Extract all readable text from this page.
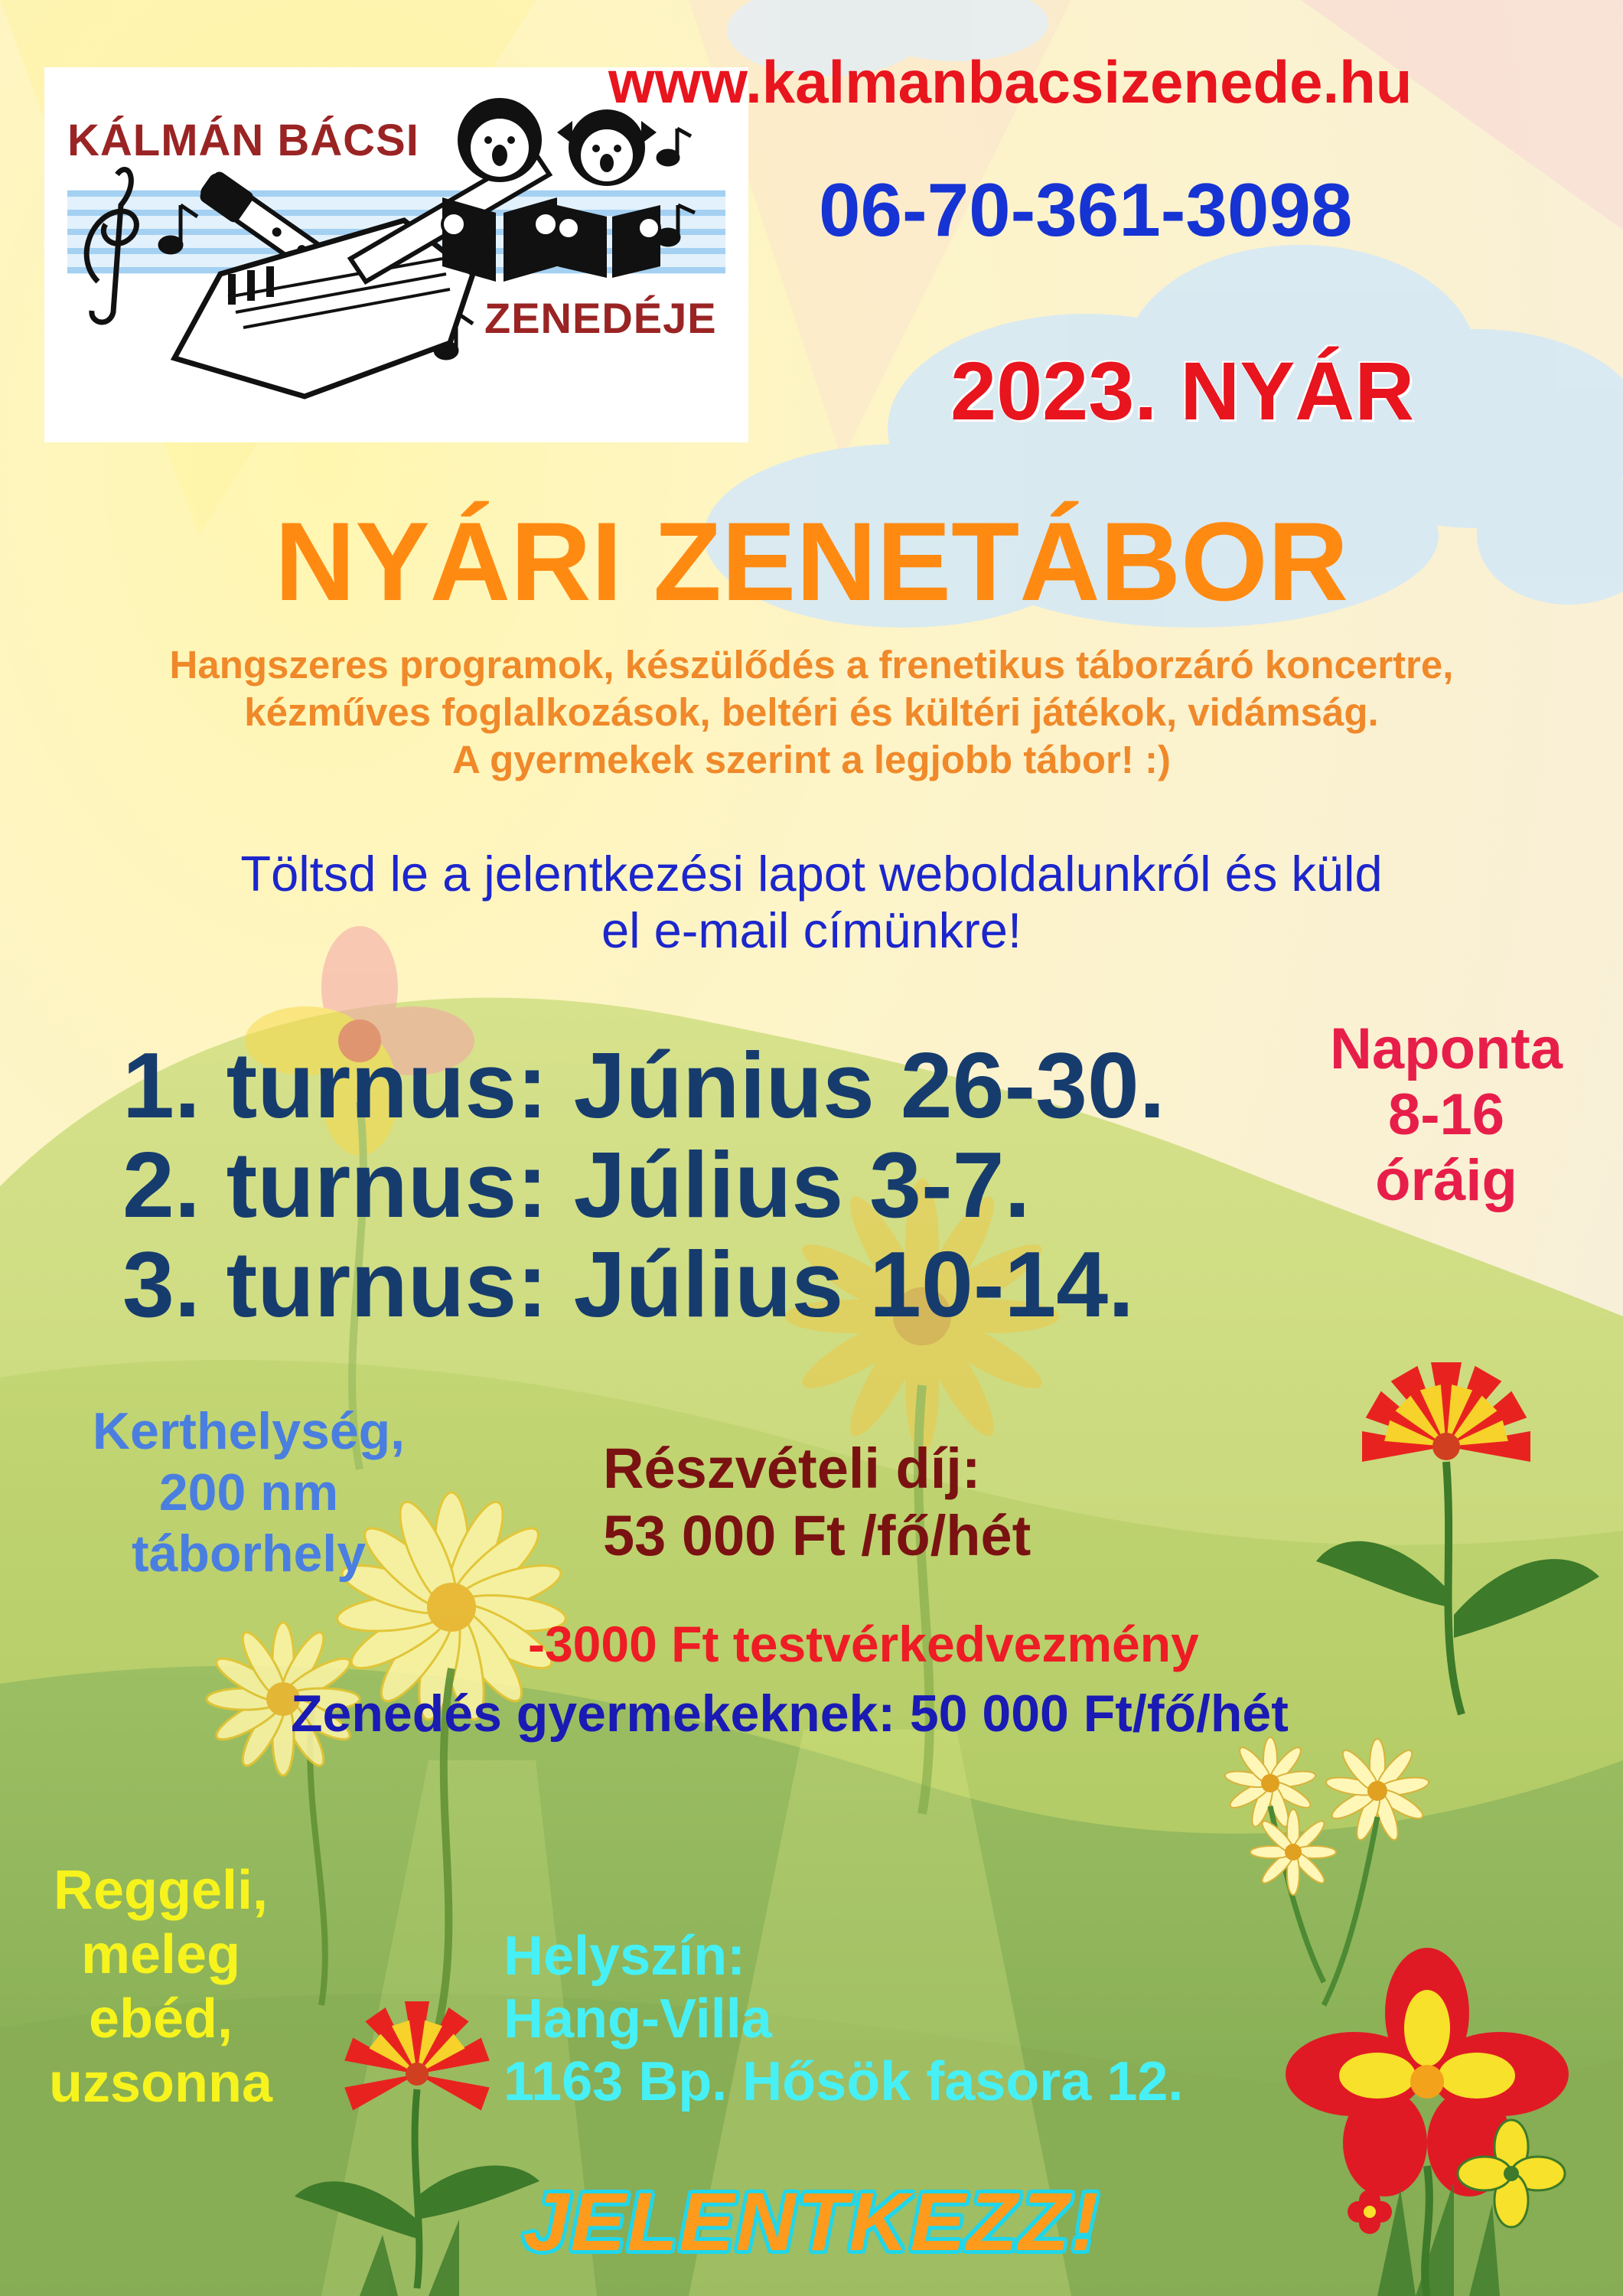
KÁLMÁN BÁCSI
ZENEDÉJE
www.kalmanbacsizenede.hu
06-70-361-3098
2023. NYÁR
NYÁRI ZENETÁBOR
Hangszeres programok, készülődés a frenetikus táborzáró koncertre,
kézműves foglalkozások, beltéri és kültéri játékok, vidámság.
A gyermekek szerint a legjobb tábor! :)
Töltsd le a jelentkezési lapot weboldalunkról és küld
el e-mail címünkre!
1. turnus: Június 26-30.
2. turnus: Július 3-7.
3. turnus: Július 10-14.
Naponta
8-16
óráig
Kerthelység,
200 nm
táborhely
Részvételi díj:
53 000 Ft /fő/hét
-3000 Ft testvérkedvezmény
Zenedés gyermekeknek: 50 000 Ft/fő/hét
Reggeli,
meleg
ebéd,
uzsonna
Helyszín:
Hang-Villa
1163 Bp. Hősök fasora 12.
JELENTKEZZ!
